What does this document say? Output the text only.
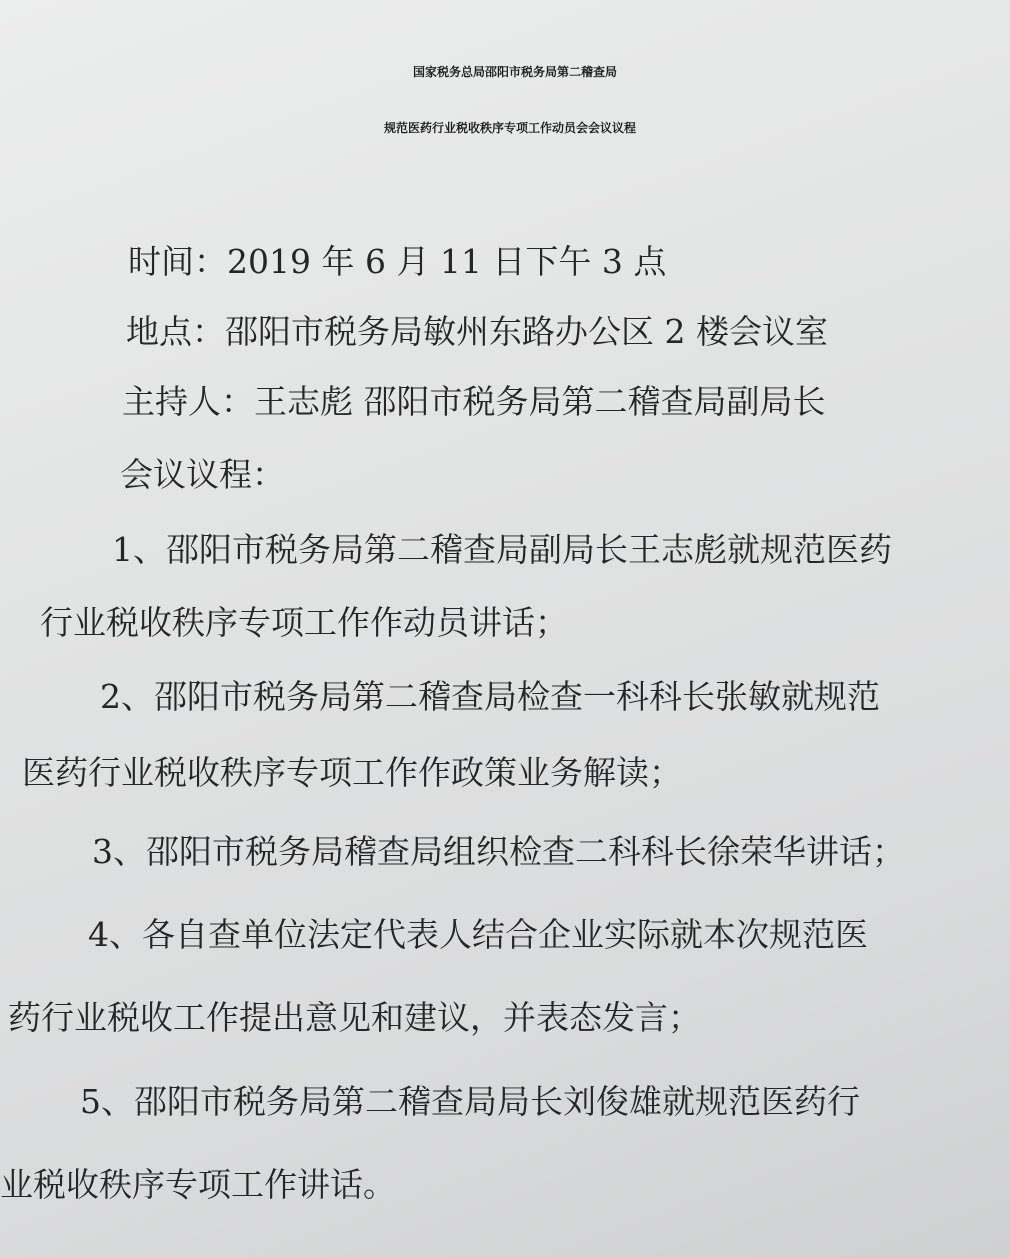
国家税务总局邵阳市税务局第二稽查局
规范医药行业税收秩序专项工作动员会会议议程
时间：2019 年 6 月 11 日下午 3 点
地点：邵阳市税务局敏州东路办公区 2 楼会议室
主持人：王志彪 邵阳市税务局第二稽查局副局长
会议议程：
1、邵阳市税务局第二稽查局副局长王志彪就规范医药
行业税收秩序专项工作作动员讲话；
2、邵阳市税务局第二稽查局检查一科科长张敏就规范
医药行业税收秩序专项工作作政策业务解读；
3、邵阳市税务局稽查局组织检查二科科长徐荣华讲话；
4、各自查单位法定代表人结合企业实际就本次规范医
药行业税收工作提出意见和建议，并表态发言；
5、邵阳市税务局第二稽查局局长刘俊雄就规范医药行
业税收秩序专项工作讲话。
